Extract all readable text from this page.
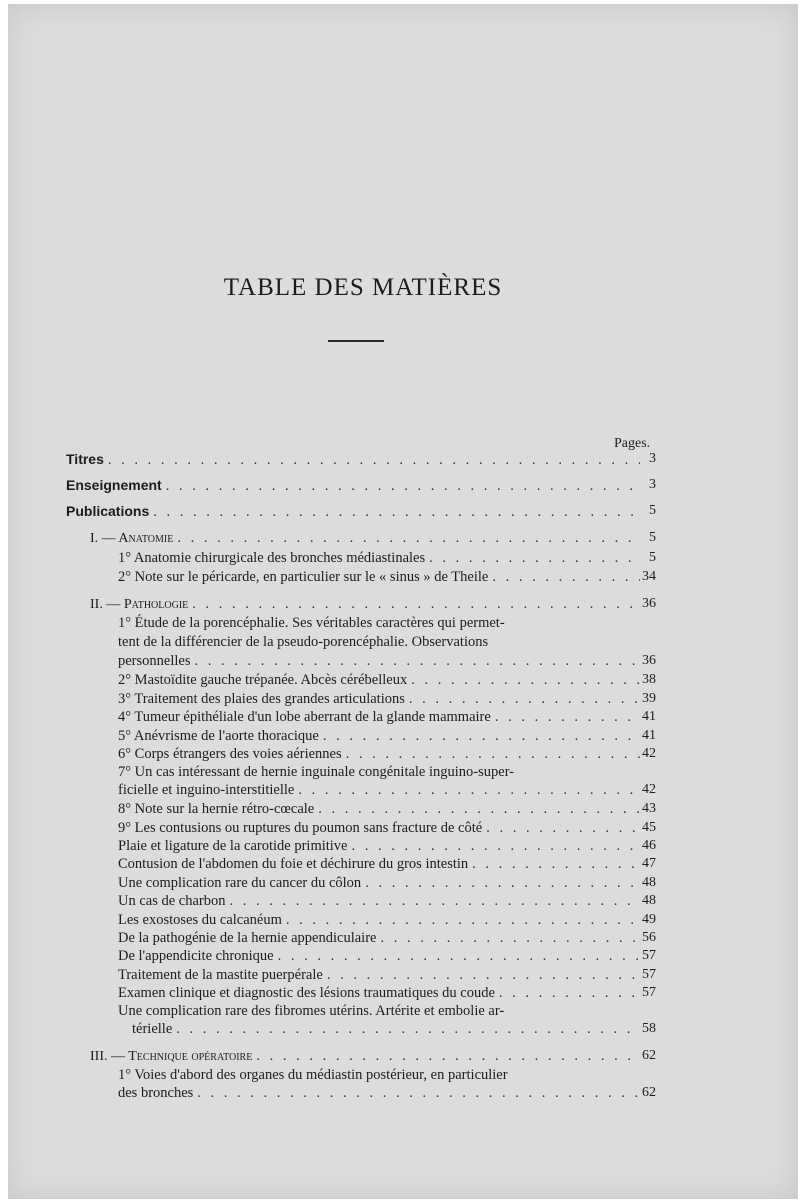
TABLE DES MATIÈRES
Pages.
Titres . . .	3
Enseignement . . .	3
Publications . . .	5
I. — Anatomie . . .	5
1° Anatomie chirurgicale des bronches médiastinales . . .	5
2° Note sur le péricarde, en particulier sur le « sinus » de Theile . . .	34
II. — Pathologie . . .	36
1° Étude de la porencéphalie. Ses véritables caractères qui permet-
tent de la différencier de la pseudo-porencéphalie. Observations
personnelles . . .	36
2° Mastoïdite gauche trépanée. Abcès cérébelleux . . .	38
3° Traitement des plaies des grandes articulations . . .	39
4° Tumeur épithéliale d'un lobe aberrant de la glande mammaire . . .	41
5° Anévrisme de l'aorte thoracique . . .	41
6° Corps étrangers des voies aériennes . . .	42
7° Un cas intéressant de hernie inguinale congénitale inguino-super-
ficielle et inguino-interstitielle . . .	42
8° Note sur la hernie rétro-cœcale . . .	43
9° Les contusions ou ruptures du poumon sans fracture de côté . . .	45
Plaie et ligature de la carotide primitive . . .	46
Contusion de l'abdomen du foie et déchirure du gros intestin . . .	47
Une complication rare du cancer du côlon . . .	48
Un cas de charbon . . .	48
Les exostoses du calcanéum . . .	49
De la pathogénie de la hernie appendiculaire . . .	56
De l'appendicite chronique . . .	57
Traitement de la mastite puerpérale . . .	57
Examen clinique et diagnostic des lésions traumatiques du coude . . .	57
Une complication rare des fibromes utérins. Artérite et embolie ar-
térielle . . .	58
III. — Technique opératoire . . .	62
1° Voies d'abord des organes du médiastin postérieur, en particulier
des bronches . . .	62
